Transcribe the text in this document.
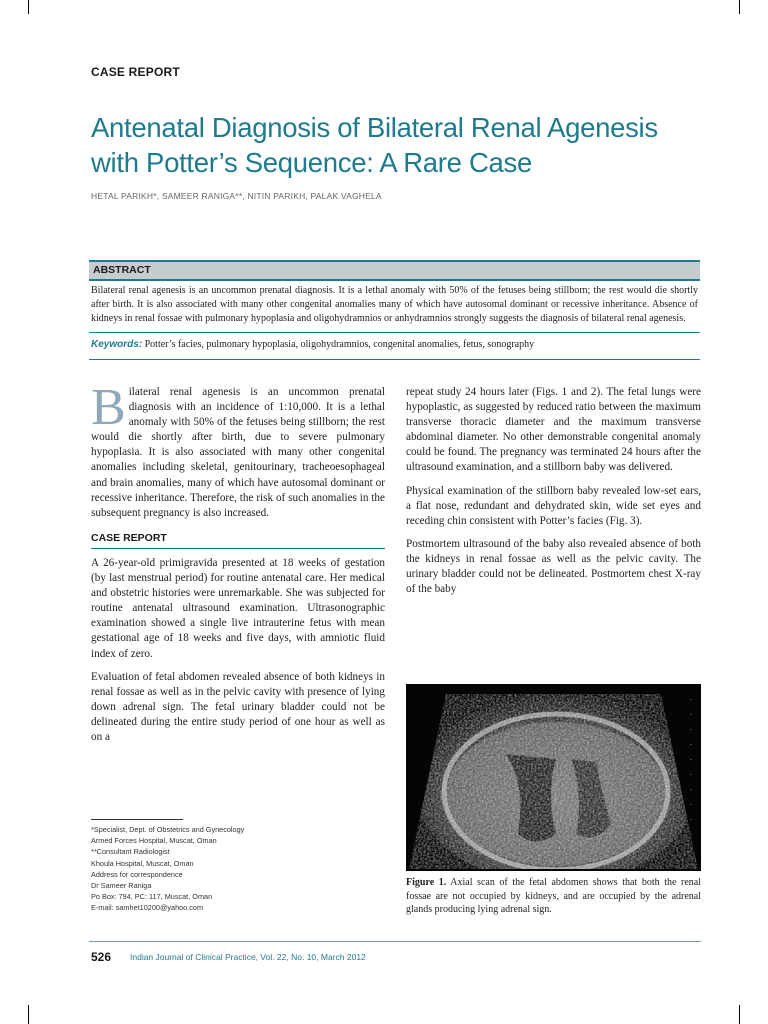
CASE REPORT
Antenatal Diagnosis of Bilateral Renal Agenesis with Potter’s Sequence: A Rare Case
HETAL PARIKH*, SAMEER RANIGA**, NITIN PARIKH, PALAK VAGHELA
ABSTRACT

Bilateral renal agenesis is an uncommon prenatal diagnosis. It is a lethal anomaly with 50% of the fetuses being stillborn; the rest would die shortly after birth. It is also associated with many other congenital anomalies many of which have autosomal dominant or recessive inheritance. Absence of kidneys in renal fossae with pulmonary hypoplasia and oligohydramnios or anhydramnios strongly suggests the diagnosis of bilateral renal agenesis.

Keywords: Potter’s facies, pulmonary hypoplasia, oligohydramnios, congenital anomalies, fetus, sonography

Bilateral renal agenesis is an uncommon prenatal diagnosis with an incidence of 1:10,000. It is a lethal anomaly with 50% of the fetuses being stillborn; the rest would die shortly after birth, due to severe pulmonary hypoplasia. It is also associated with many other congenital anomalies including skeletal, genitourinary, tracheoesophageal and brain anomalies, many of which have autosomal dominant or recessive inheritance. Therefore, the risk of such anomalies in the subsequent pregnancy is also increased.

CASE REPORT

A 26-year-old primigravida presented at 18 weeks of gestation (by last menstrual period) for routine antenatal care. Her medical and obstetric histories were unremarkable. She was subjected for routine antenatal ultrasound examination. Ultrasonographic examination showed a single live intrauterine fetus with mean gestational age of 18 weeks and five days, with amniotic fluid index of zero.

Evaluation of fetal abdomen revealed absence of both kidneys in renal fossae as well as in the pelvic cavity with presence of lying down adrenal sign. The fetal urinary bladder could not be delineated during the entire study period of one hour as well as on a

repeat study 24 hours later (Figs. 1 and 2). The fetal lungs were hypoplastic, as suggested by reduced ratio between the maximum transverse thoracic diameter and the maximum transverse abdominal diameter. No other demonstrable congenital anomaly could be found. The pregnancy was terminated 24 hours after the ultrasound examination, and a stillborn baby was delivered.

Physical examination of the stillborn baby revealed low-set ears, a flat nose, redundant and dehydrated skin, wide set eyes and receding chin consistent with Potter’s facies (Fig. 3).

Postmortem ultrasound of the baby also revealed absence of both the kidneys in renal fossae as well as the pelvic cavity. The urinary bladder could not be delineated. Postmortem chest X-ray of the baby

*Specialist, Dept. of Obstetrics and Gynecology
Armed Forces Hospital, Muscat, Oman
**Consultant Radiologist
Khoula Hospital, Muscat, Oman
Address for correspondence
Dr Sameer Raniga
Po Box: 794, PC: 117, Muscat, Oman
E-mail: samhet10200@yahoo.com
Figure 1. Axial scan of the fetal abdomen shows that both the renal fossae are not occupied by kidneys, and are occupied by the adrenal glands producing lying adrenal sign.
526 Indian Journal of Clinical Practice, Vol. 22, No. 10, March 2012
